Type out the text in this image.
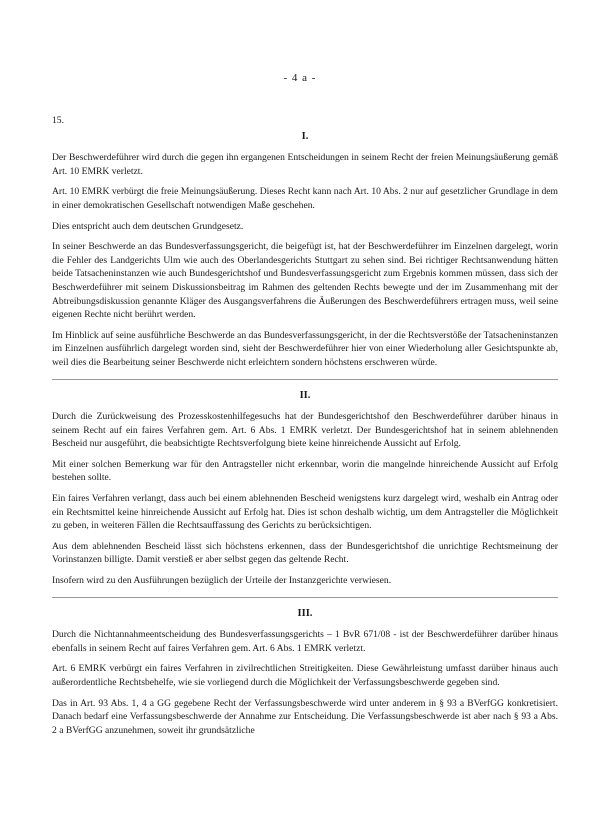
- 4 a -
15.
I.

Der Beschwerdeführer wird durch die gegen ihn ergangenen Entscheidungen in seinem Recht der freien Meinungsäußerung gemäß Art. 10 EMRK verletzt.

Art. 10 EMRK verbürgt die freie Meinungsäußerung. Dieses Recht kann nach Art. 10 Abs. 2 nur auf gesetzlicher Grundlage in dem in einer demokratischen Gesellschaft notwendigen Maße geschehen.

Dies entspricht auch dem deutschen Grundgesetz.

In seiner Beschwerde an das Bundesverfassungsgericht, die beigefügt ist, hat der Beschwerdeführer im Einzelnen dargelegt, worin die Fehler des Landgerichts Ulm wie auch des Oberlandesgerichts Stuttgart zu sehen sind. Bei richtiger Rechtsanwendung hätten beide Tatsacheninstanzen wie auch Bundesgerichtshof und Bundesverfassungsgericht zum Ergebnis kommen müssen, dass sich der Beschwerdeführer mit seinem Diskussionsbeitrag im Rahmen des geltenden Rechts bewegte und der im Zusammenhang mit der Abtreibungsdiskussion genannte Kläger des Ausgangsverfahrens die Äußerungen des Beschwerdeführers ertragen muss, weil seine eigenen Rechte nicht berührt werden.

Im Hinblick auf seine ausführliche Beschwerde an das Bundesverfassungsgericht, in der die Rechtsverstöße der Tatsacheninstanzen im Einzelnen ausführlich dargelegt worden sind, sieht der Beschwerdeführer hier von einer Wiederholung aller Gesichtspunkte ab, weil dies die Bearbeitung seiner Beschwerde nicht erleichtern sondern höchstens erschweren würde.

II.

Durch die Zurückweisung des Prozesskostenhilfegesuchs hat der Bundesgerichtshof den Beschwerdeführer darüber hinaus in seinem Recht auf ein faires Verfahren gem. Art. 6 Abs. 1 EMRK verletzt. Der Bundesgerichtshof hat in seinem ablehnenden Bescheid nur ausgeführt, die beabsichtigte Rechtsverfolgung biete keine hinreichende Aussicht auf Erfolg.

Mit einer solchen Bemerkung war für den Antragsteller nicht erkennbar, worin die mangelnde hinreichende Aussicht auf Erfolg bestehen sollte.

Ein faires Verfahren verlangt, dass auch bei einem ablehnenden Bescheid wenigstens kurz dargelegt wird, weshalb ein Antrag oder ein Rechtsmittel keine hinreichende Aussicht auf Erfolg hat. Dies ist schon deshalb wichtig, um dem Antragsteller die Möglichkeit zu geben, in weiteren Fällen die Rechtsauffassung des Gerichts zu berücksichtigen.

Aus dem ablehnenden Bescheid lässt sich höchstens erkennen, dass der Bundesgerichtshof die unrichtige Rechtsmeinung der Vorinstanzen billigte. Damit verstieß er aber selbst gegen das geltende Recht.

Insofern wird zu den Ausführungen bezüglich der Urteile der Instanzgerichte verwiesen.

III.

Durch die Nichtannahmeentscheidung des Bundesverfassungsgerichts – 1 BvR 671/08 - ist der Beschwerdeführer darüber hinaus ebenfalls in seinem Recht auf faires Verfahren gem. Art. 6 Abs. 1 EMRK verletzt.

Art. 6 EMRK verbürgt ein faires Verfahren in zivilrechtlichen Streitigkeiten. Diese Gewährleistung umfasst darüber hinaus auch außerordentliche Rechtsbehelfe, wie sie vorliegend durch die Möglichkeit der Verfassungsbeschwerde gegeben sind.

Das in Art. 93 Abs. 1, 4 a GG gegebene Recht der Verfassungsbeschwerde wird unter anderem in § 93 a BVerfGG konkretisiert. Danach bedarf eine Verfassungsbeschwerde der Annahme zur Entscheidung. Die Verfassungsbeschwerde ist aber nach § 93 a Abs. 2 a BVerfGG anzunehmen, soweit ihr grundsätzliche
